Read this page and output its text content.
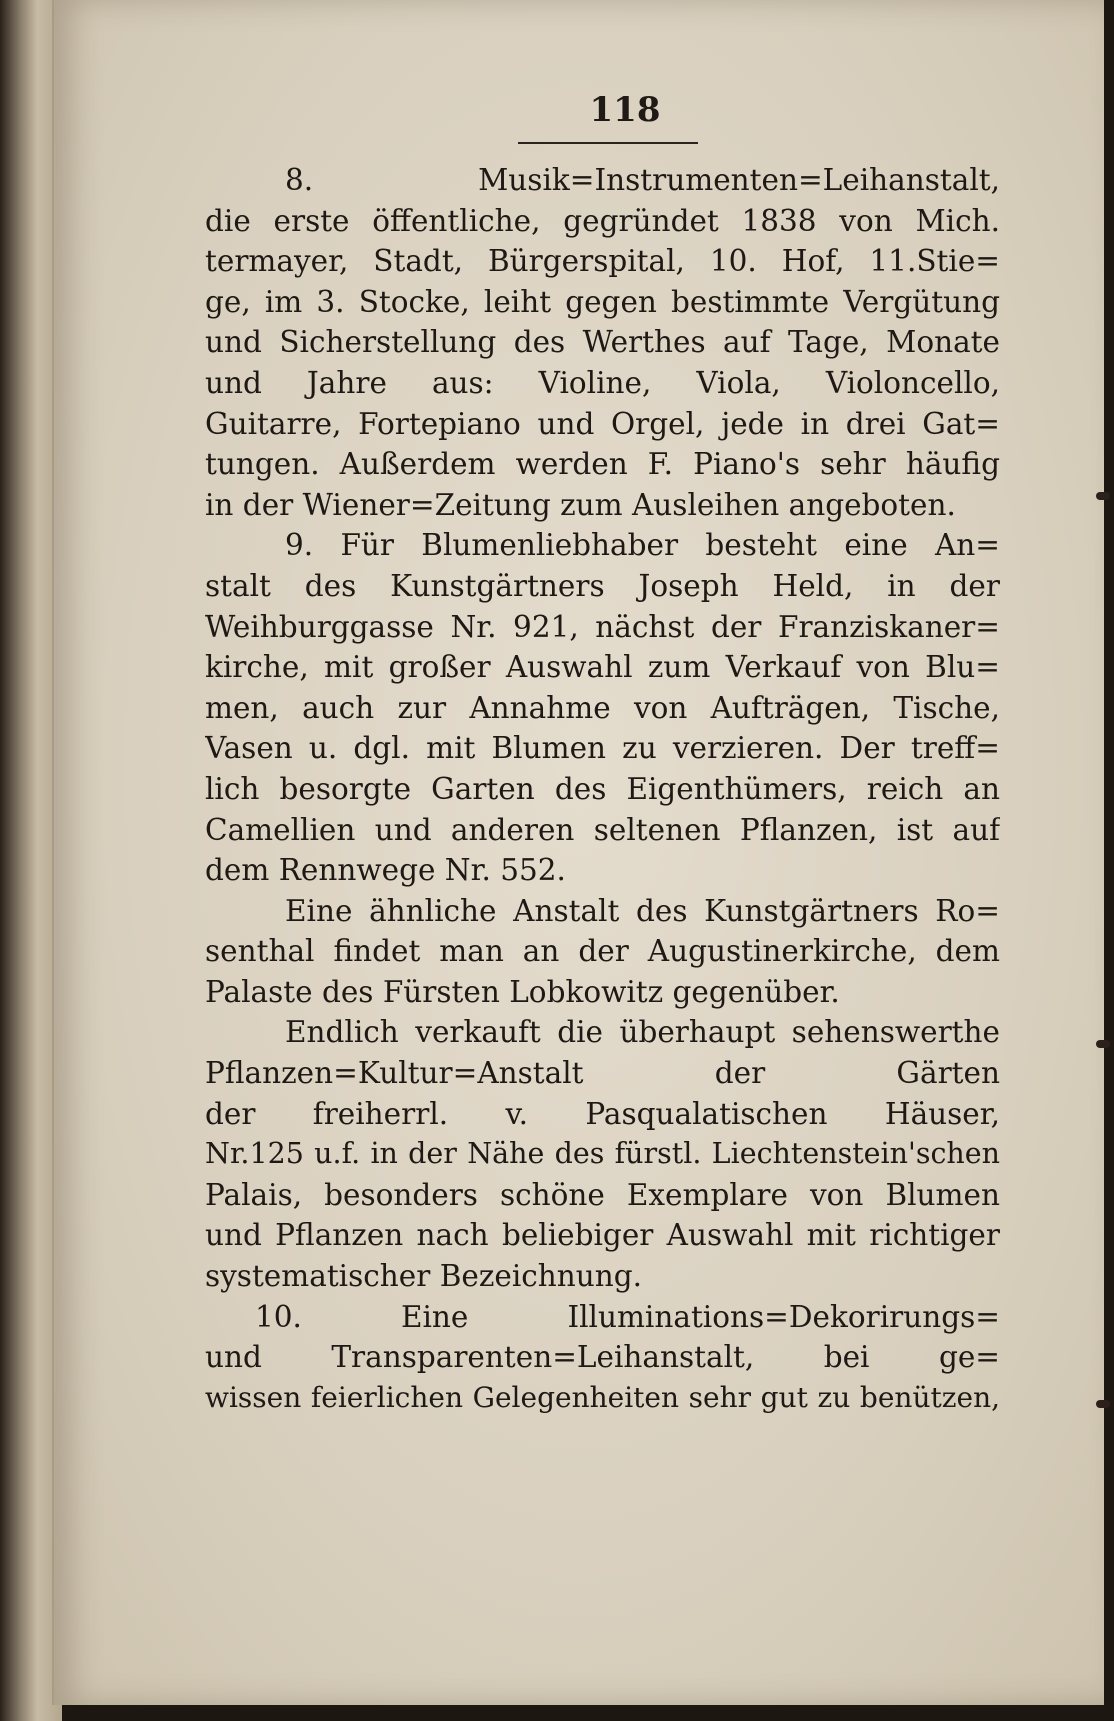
118
8. Musik=Instrumenten=Leihanstalt,
die erste öffentliche, gegründet 1838 von Mich.
termayer, Stadt, Bürgerspital, 10. Hof, 11.Stie=
ge, im 3. Stocke, leiht gegen bestimmte Vergütung
und Sicherstellung des Werthes auf Tage, Monate
und Jahre aus: Violine, Viola, Violoncello,
Guitarre, Fortepiano und Orgel, jede in drei Gat=
tungen. Außerdem werden F. Piano's sehr häufig
in der Wiener=Zeitung zum Ausleihen angeboten.
9. Für Blumenliebhaber besteht eine An=
stalt des Kunstgärtners Joseph Held, in der
Weihburggasse Nr. 921, nächst der Franziskaner=
kirche, mit großer Auswahl zum Verkauf von Blu=
men, auch zur Annahme von Aufträgen, Tische,
Vasen u. dgl. mit Blumen zu verzieren. Der treff=
lich besorgte Garten des Eigenthümers, reich an
Camellien und anderen seltenen Pflanzen, ist auf
dem Rennwege Nr. 552.
Eine ähnliche Anstalt des Kunstgärtners Ro=
senthal findet man an der Augustinerkirche, dem
Palaste des Fürsten Lobkowitz gegenüber.
Endlich verkauft die überhaupt sehenswerthe
Pflanzen=Kultur=Anstalt der Gärten
der freiherrl. v. Pasqualatischen Häuser,
Nr.125 u.f. in der Nähe des fürstl. Liechtenstein'schen
Palais, besonders schöne Exemplare von Blumen
und Pflanzen nach beliebiger Auswahl mit richtiger
systematischer Bezeichnung.
10. Eine Illuminations=Dekorirungs=
und Transparenten=Leihanstalt, bei ge=
wissen feierlichen Gelegenheiten sehr gut zu benützen,
